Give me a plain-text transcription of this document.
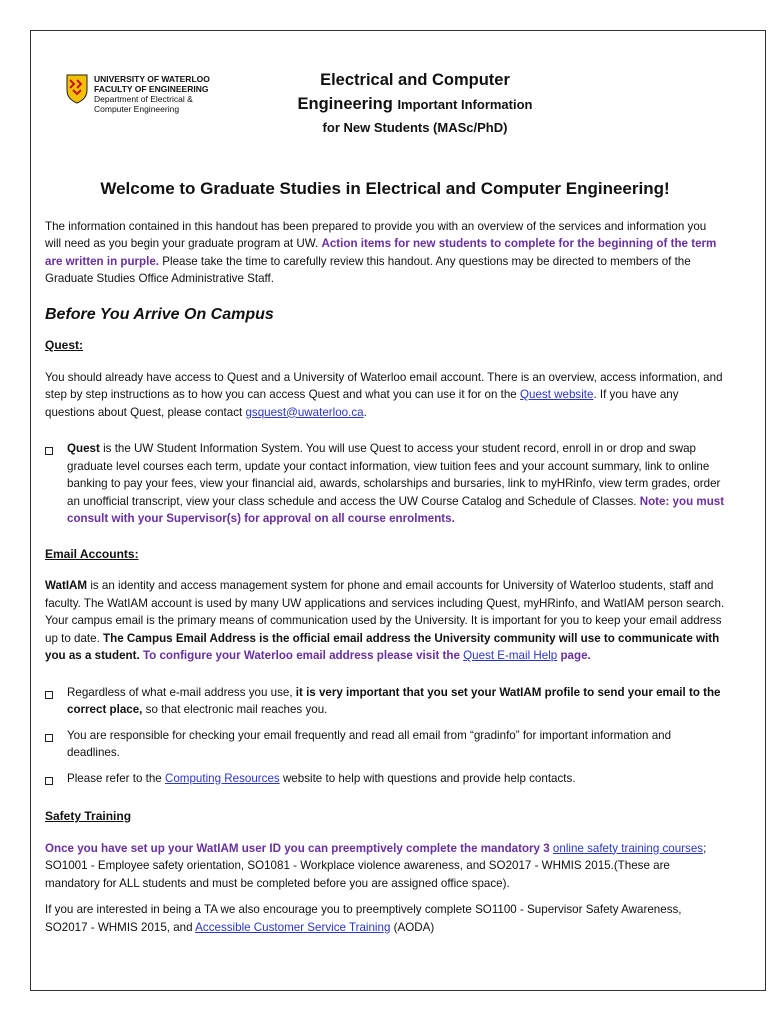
UNIVERSITY OF WATERLOO
FACULTY OF ENGINEERING
Department of Electrical &
Computer Engineering
Electrical and Computer
Engineering Important Information
for New Students (MASc/PhD)
Welcome to Graduate Studies in Electrical and Computer Engineering!

The information contained in this handout has been prepared to provide you with an overview of the services and information you will need as you begin your graduate program at UW. Action items for new students to complete for the beginning of the term are written in purple. Please take the time to carefully review this handout. Any questions may be directed to members of the Graduate Studies Office Administrative Staff.

Before You Arrive On Campus
Quest:

You should already have access to Quest and a University of Waterloo email account. There is an overview, access information, and step by step instructions as to how you can access Quest and what you can use it for on the Quest website. If you have any questions about Quest, please contact gsquest@uwaterloo.ca.

Quest is the UW Student Information System. You will use Quest to access your student record, enroll in or drop and swap graduate level courses each term, update your contact information, view tuition fees and your account summary, link to online banking to pay your fees, view your financial aid, awards, scholarships and bursaries, link to myHRinfo, view term grades, order an unofficial transcript, view your class schedule and access the UW Course Catalog and Schedule of Classes. Note: you must consult with your Supervisor(s) for approval on all course enrolments.
Email Accounts:

WatIAM is an identity and access management system for phone and email accounts for University of Waterloo students, staff and faculty. The WatIAM account is used by many UW applications and services including Quest, myHRinfo, and WatIAM person search. Your campus email is the primary means of communication used by the University. It is important for you to keep your email address up to date. The Campus Email Address is the official email address the University community will use to communicate with you as a student. To configure your Waterloo email address please visit the Quest E-mail Help page.

Regardless of what e-mail address you use, it is very important that you set your WatIAM profile to send your email to the correct place, so that electronic mail reaches you.
You are responsible for checking your email frequently and read all email from “gradinfo” for important information and deadlines.
Please refer to the Computing Resources website to help with questions and provide help contacts.
Safety Training

Once you have set up your WatIAM user ID you can preemptively complete the mandatory 3 online safety training courses; SO1001 - Employee safety orientation, SO1081 - Workplace violence awareness, and SO2017 - WHMIS 2015.(These are mandatory for ALL students and must be completed before you are assigned office space).

If you are interested in being a TA we also encourage you to preemptively complete SO1100 - Supervisor Safety Awareness, SO2017 - WHMIS 2015, and Accessible Customer Service Training (AODA)
